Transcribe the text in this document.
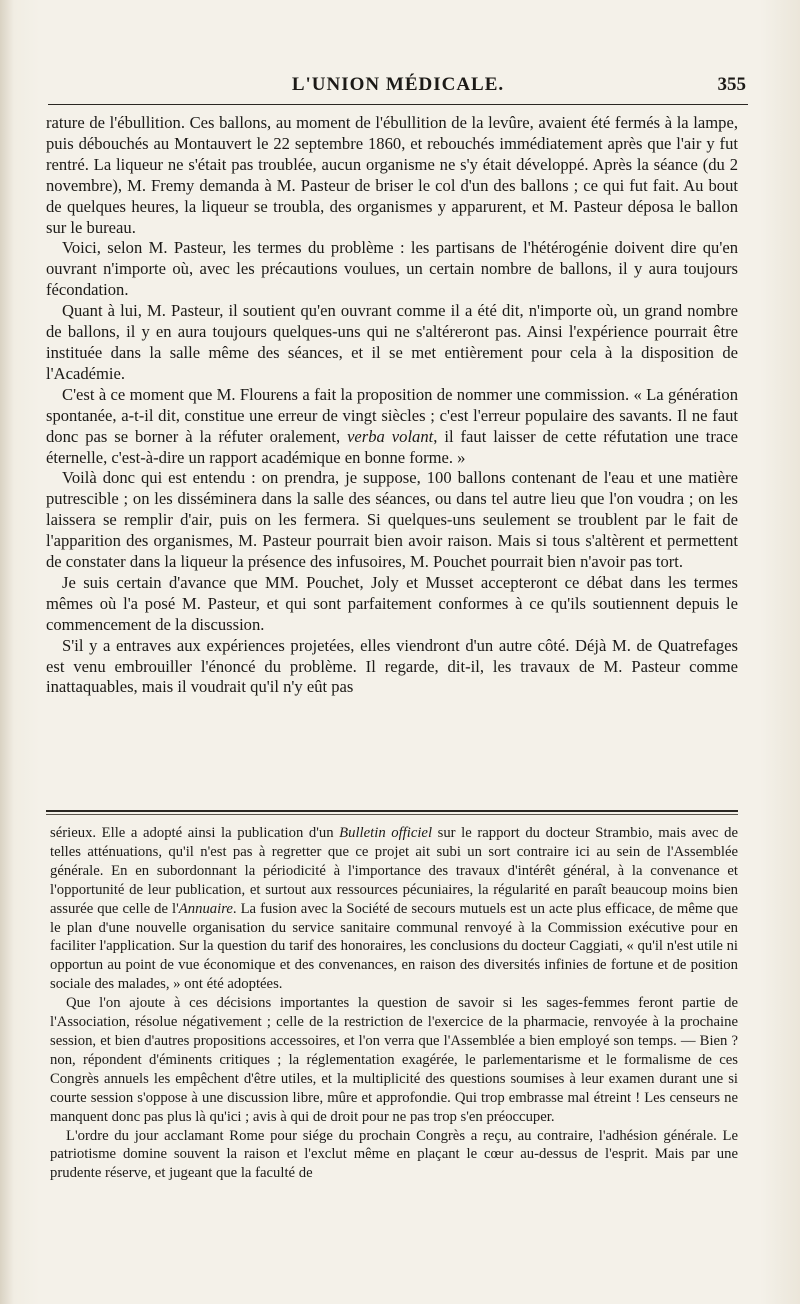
L'UNION MÉDICALE.	355

rature de l'ébullition. Ces ballons, au moment de l'ébullition de la levûre, avaient été fermés à la lampe, puis débouchés au Montauvert le 22 septembre 1860, et rebouchés immédiatement après que l'air y fut rentré. La liqueur ne s'était pas troublée, aucun organisme ne s'y était développé. Après la séance (du 2 novembre), M. Fremy demanda à M. Pasteur de briser le col d'un des ballons ; ce qui fut fait. Au bout de quelques heures, la liqueur se troubla, des organismes y apparurent, et M. Pasteur déposa le ballon sur le bureau.

Voici, selon M. Pasteur, les termes du problème : les partisans de l'hétérogénie doivent dire qu'en ouvrant n'importe où, avec les précautions voulues, un certain nombre de ballons, il y aura toujours fécondation.

Quant à lui, M. Pasteur, il soutient qu'en ouvrant comme il a été dit, n'importe où, un grand nombre de ballons, il y en aura toujours quelques-uns qui ne s'altéreront pas. Ainsi l'expérience pourrait être instituée dans la salle même des séances, et il se met entièrement pour cela à la disposition de l'Académie.

C'est à ce moment que M. Flourens a fait la proposition de nommer une commission. « La génération spontanée, a-t-il dit, constitue une erreur de vingt siècles ; c'est l'erreur populaire des savants. Il ne faut donc pas se borner à la réfuter oralement, verba volant, il faut laisser de cette réfutation une trace éternelle, c'est-à-dire un rapport académique en bonne forme. »

Voilà donc qui est entendu : on prendra, je suppose, 100 ballons contenant de l'eau et une matière putrescible ; on les disséminera dans la salle des séances, ou dans tel autre lieu que l'on voudra ; on les laissera se remplir d'air, puis on les fermera. Si quelques-uns seulement se troublent par le fait de l'apparition des organismes, M. Pasteur pourrait bien avoir raison. Mais si tous s'altèrent et permettent de constater dans la liqueur la présence des infusoires, M. Pouchet pourrait bien n'avoir pas tort.

Je suis certain d'avance que MM. Pouchet, Joly et Musset accepteront ce débat dans les termes mêmes où l'a posé M. Pasteur, et qui sont parfaitement conformes à ce qu'ils soutiennent depuis le commencement de la discussion.

S'il y a entraves aux expériences projetées, elles viendront d'un autre côté. Déjà M. de Quatrefages est venu embrouiller l'énoncé du problème. Il regarde, dit-il, les travaux de M. Pasteur comme inattaquables, mais il voudrait qu'il n'y eût pas

sérieux. Elle a adopté ainsi la publication d'un Bulletin officiel sur le rapport du docteur Strambio, mais avec de telles atténuations, qu'il n'est pas à regretter que ce projet ait subi un sort contraire ici au sein de l'Assemblée générale. En en subordonnant la périodicité à l'importance des travaux d'intérêt général, à la convenance et l'opportunité de leur publication, et surtout aux ressources pécuniaires, la régularité en paraît beaucoup moins bien assurée que celle de l'Annuaire. La fusion avec la Société de secours mutuels est un acte plus efficace, de même que le plan d'une nouvelle organisation du service sanitaire communal renvoyé à la Commission exécutive pour en faciliter l'application. Sur la question du tarif des honoraires, les conclusions du docteur Caggiati, « qu'il n'est utile ni opportun au point de vue économique et des convenances, en raison des diversités infinies de fortune et de position sociale des malades, » ont été adoptées.

Que l'on ajoute à ces décisions importantes la question de savoir si les sages-femmes feront partie de l'Association, résolue négativement ; celle de la restriction de l'exercice de la pharmacie, renvoyée à la prochaine session, et bien d'autres propositions accessoires, et l'on verra que l'Assemblée a bien employé son temps. — Bien ? non, répondent d'éminents critiques ; la réglementation exagérée, le parlementarisme et le formalisme de ces Congrès annuels les empêchent d'être utiles, et la multiplicité des questions soumises à leur examen durant une si courte session s'oppose à une discussion libre, mûre et approfondie. Qui trop embrasse mal étreint ! Les censeurs ne manquent donc pas plus là qu'ici ; avis à qui de droit pour ne pas trop s'en préoccuper.

L'ordre du jour acclamant Rome pour siége du prochain Congrès a reçu, au contraire, l'adhésion générale. Le patriotisme domine souvent la raison et l'exclut même en plaçant le cœur au-dessus de l'esprit. Mais par une prudente réserve, et jugeant que la faculté de
